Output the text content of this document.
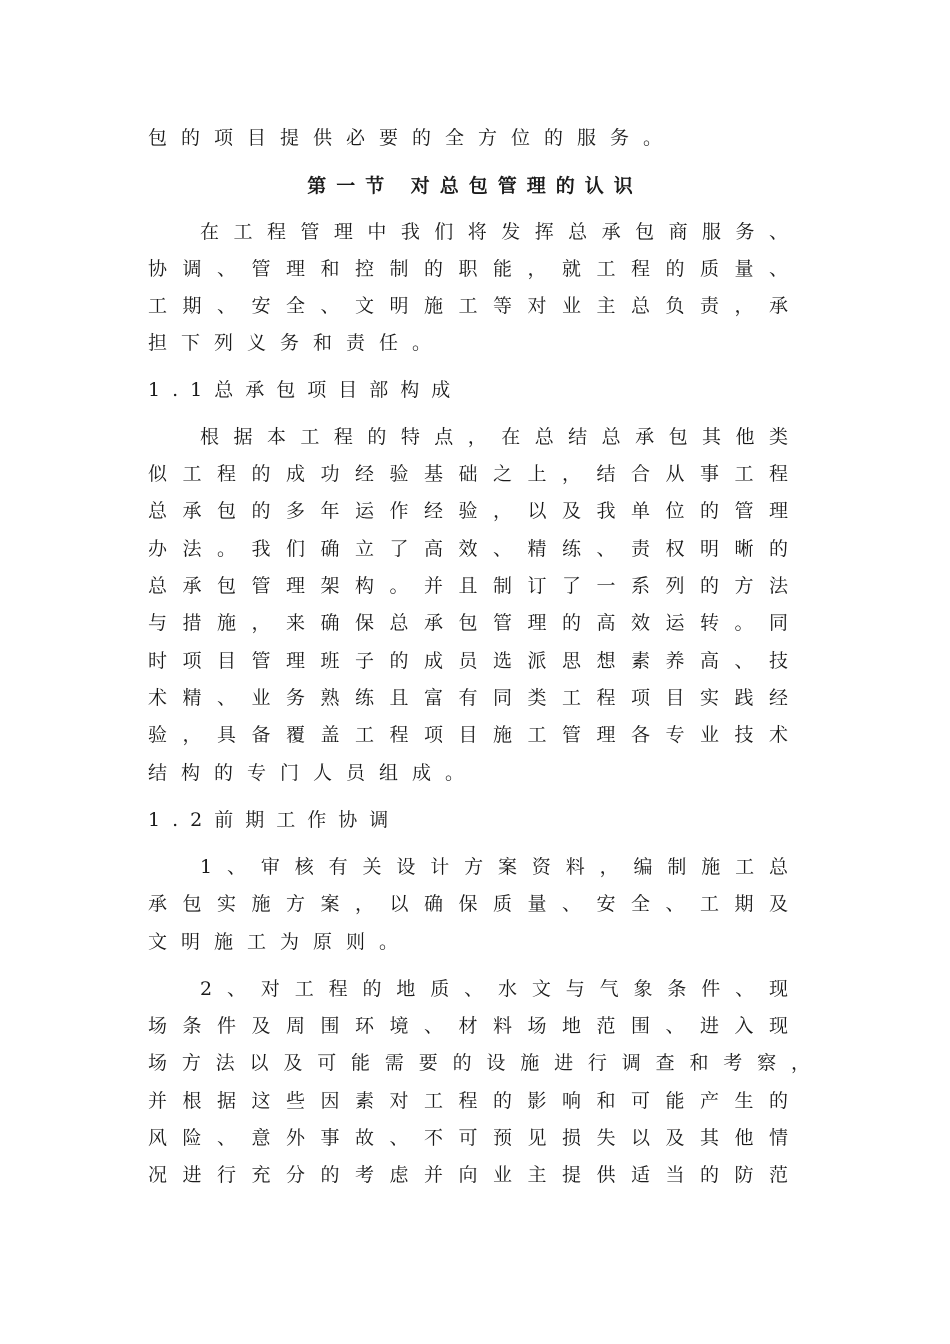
包的项目提供必要的全方位的服务。
第一节 对总包管理的认识
在工程管理中我们将发挥总承包商服务、
协调、管理和控制的职能，就工程的质量、
工期、安全、文明施工等对业主总负责，承
担下列义务和责任。
1.1总承包项目部构成
根据本工程的特点，在总结总承包其他类
似工程的成功经验基础之上，结合从事工程
总承包的多年运作经验，以及我单位的管理
办法。我们确立了高效、精练、责权明晰的
总承包管理架构。并且制订了一系列的方法
与措施，来确保总承包管理的高效运转。同
时项目管理班子的成员选派思想素养高、技
术精、业务熟练且富有同类工程项目实践经
验，具备覆盖工程项目施工管理各专业技术
结构的专门人员组成。
1.2前期工作协调
1、审核有关设计方案资料，编制施工总
承包实施方案，以确保质量、安全、工期及
文明施工为原则。
2、对工程的地质、水文与气象条件、现
场条件及周围环境、材料场地范围、进入现
场方法以及可能需要的设施进行调查和考察，
并根据这些因素对工程的影响和可能产生的
风险、意外事故、不可预见损失以及其他情
况进行充分的考虑并向业主提供适当的防范
